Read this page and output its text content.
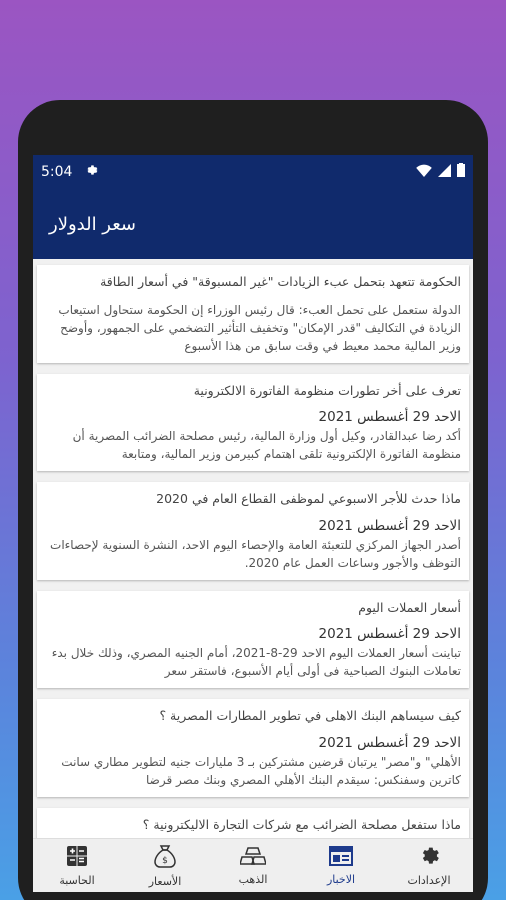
5:04
سعر الدولار
الحكومة تتعهد بتحمل عبء الزيادات "غير المسبوقة" في أسعار الطاقة
الدولة ستعمل على تحمل العبء: قال رئيس الوزراء إن الحكومة ستحاول استيعاب الزيادة في التكاليف "قدر الإمكان" وتخفيف التأثير التضخمي على الجمهور، وأوضح وزير المالية محمد معيط في وقت سابق من هذا الأسبوع
تعرف على أخر تطورات منظومة الفاتورة الالكترونية
الاحد 29 أغسطس 2021
أكد رضا عبدالقادر، وكيل أول وزارة المالية، رئيس مصلحة الضرائب المصرية أن منظومة الفاتورة الإلكترونية تلقى اهتمام كبيرمن وزير المالية، ومتابعة
ماذا حدث للأجر الاسبوعي لموظفى القطاع العام في 2020
الاحد 29 أغسطس 2021
أصدر الجهاز المركزي للتعبئة العامة والإحصاء اليوم الاحد، النشرة السنوية لإحصاءات التوظف والأجور وساعات العمل عام 2020.
أسعار العملات اليوم
الاحد 29 أغسطس 2021
تباينت أسعار العملات اليوم الاحد 29-8-2021، أمام الجنيه المصري، وذلك خلال بدء تعاملات البنوك الصباحية فى أولى أيام الأسبوع، فاستقر سعر
كيف سيساهم البنك الاهلى في تطوير المطارات المصرية ؟
الاحد 29 أغسطس 2021
الأهلي" و"مصر" يرتبان قرضين مشتركين بـ 3 مليارات جنيه لتطوير مطاري سانت كاترين وسفنكس: سيقدم البنك الأهلي المصري وبنك مصر قرضا
ماذا ستفعل مصلحة الضرائب مع شركات التجارة الاليكترونية ؟
الإعدادات
الاخبار
الذهب
$
الأسعار
الحاسبة
